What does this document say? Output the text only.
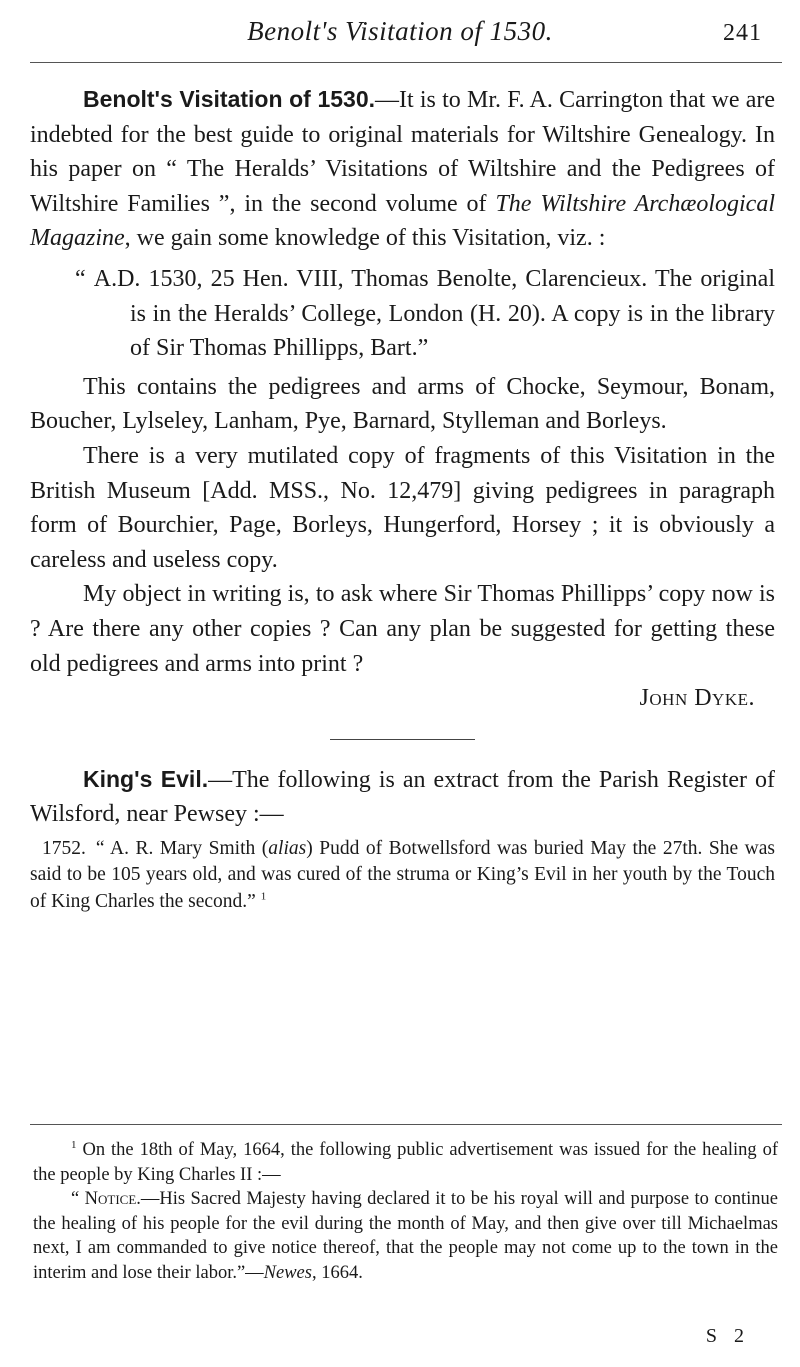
Benolt's Visitation of 1530.	241

Benolt's Visitation of 1530.—It is to Mr. F. A. Carrington that we are indebted for the best guide to original materials for Wiltshire Genealogy. In his paper on “ The Heralds’ Visitations of Wiltshire and the Pedigrees of Wiltshire Families ”, in the second volume of The Wiltshire Archæological Magazine, we gain some knowledge of this Visitation, viz. :

“ A.D. 1530, 25 Hen. VIII, Thomas Benolte, Clarencieux. The original is in the Heralds’ College, London (H. 20). A copy is in the library of Sir Thomas Phillipps, Bart.”

This contains the pedigrees and arms of Chocke, Seymour, Bonam, Boucher, Lylseley, Lanham, Pye, Barnard, Stylleman and Borleys.

There is a very mutilated copy of fragments of this Visitation in the British Museum [Add. MSS., No. 12,479] giving pedigrees in paragraph form of Bourchier, Page, Borleys, Hungerford, Horsey ; it is obviously a careless and useless copy.

My object in writing is, to ask where Sir Thomas Phillipps’ copy now is ? Are there any other copies ? Can any plan be suggested for getting these old pedigrees and arms into print ?

John Dyke.

King's Evil.—The following is an extract from the Parish Register of Wilsford, near Pewsey :—

1752. “ A. R. Mary Smith (alias) Pudd of Botwellsford was buried May the 27th. She was said to be 105 years old, and was cured of the struma or King’s Evil in her youth by the Touch of King Charles the second.” $^1$

$^1$ On the 18th of May, 1664, the following public advertisement was issued for the healing of the people by King Charles II :—

“ Notice.—His Sacred Majesty having declared it to be his royal will and purpose to continue the healing of his people for the evil during the month of May, and then give over till Michaelmas next, I am commanded to give notice thereof, that the people may not come up to the town in the interim and lose their labor.”—Newes, 1664.

S 2
